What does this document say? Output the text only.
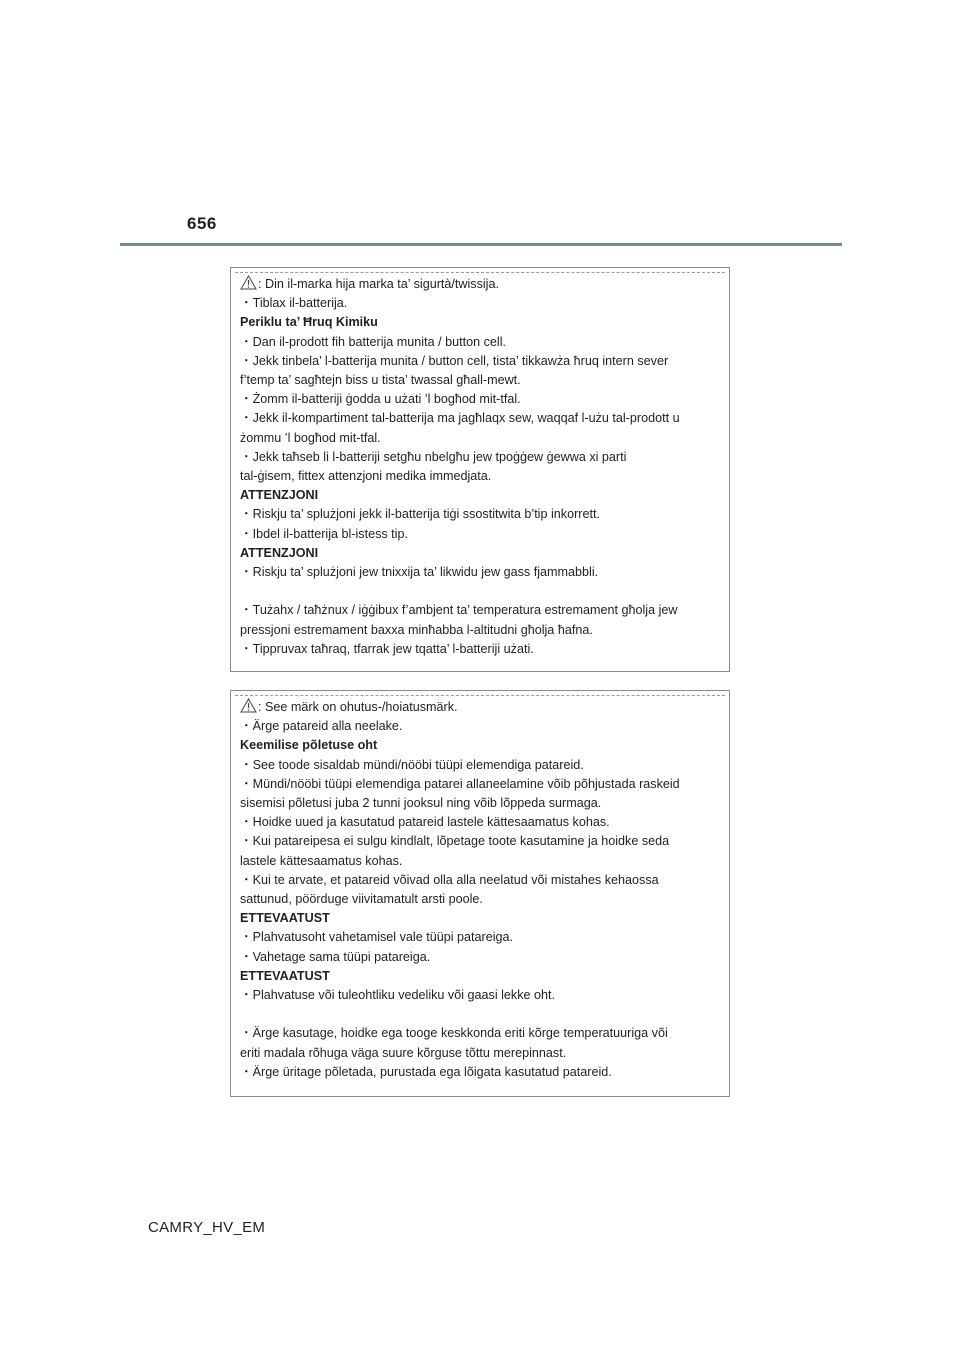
656
: Din il-marka hija marka ta’ sigurtà/twissija.
・Tiblax il-batterija.
Periklu ta’ Ħruq Kimiku
・Dan il-prodott fih batterija munita / button cell.
・Jekk tinbela’ l-batterija munita / button cell, tista’ tikkawża ħruq intern sever
f’temp ta’ sagħtejn biss u tista’ twassal għall-mewt.
・Żomm il-batteriji ġodda u użati ’l bogħod mit-tfal.
・Jekk il-kompartiment tal-batterija ma jagħlaqx sew, waqqaf l-użu tal-prodott u
żommu ’l bogħod mit-tfal.
・Jekk taħseb li l-batteriji setgħu nbelgħu jew tpoġġew ġewwa xi parti
tal-ġisem, fittex attenzjoni medika immedjata.
ATTENZJONI
・Riskju ta’ splużjoni jekk il-batterija tiġi ssostitwita b’tip inkorrett.
・Ibdel il-batterija bl-istess tip.
ATTENZJONI
・Riskju ta’ splużjoni jew tnixxija ta’ likwidu jew gass fjammabbli.
・Tużahx / taħżnux / iġġibux f’ambjent ta’ temperatura estremament għolja jew
pressjoni estremament baxxa minħabba l-altitudni għolja ħafna.
・Tippruvax taħraq, tfarrak jew tqatta’ l-batteriji użati.
: See märk on ohutus-/hoiatusmärk.
・Ärge patareid alla neelake.
Keemilise põletuse oht
・See toode sisaldab mündi/nööbi tüüpi elemendiga patareid.
・Mündi/nööbi tüüpi elemendiga patarei allaneelamine võib põhjustada raskeid
sisemisi põletusi juba 2 tunni jooksul ning võib lõppeda surmaga.
・Hoidke uued ja kasutatud patareid lastele kättesaamatus kohas.
・Kui patareipesa ei sulgu kindlalt, lõpetage toote kasutamine ja hoidke seda
lastele kättesaamatus kohas.
・Kui te arvate, et patareid võivad olla alla neelatud või mistahes kehaossa
sattunud, pöörduge viivitamatult arsti poole.
ETTEVAATUST
・Plahvatusoht vahetamisel vale tüüpi patareiga.
・Vahetage sama tüüpi patareiga.
ETTEVAATUST
・Plahvatuse või tuleohtliku vedeliku või gaasi lekke oht.
・Ärge kasutage, hoidke ega tooge keskkonda eriti kõrge temperatuuriga või
eriti madala rõhuga väga suure kõrguse tõttu merepinnast.
・Ärge üritage põletada, purustada ega lõigata kasutatud patareid.
CAMRY_HV_EM
